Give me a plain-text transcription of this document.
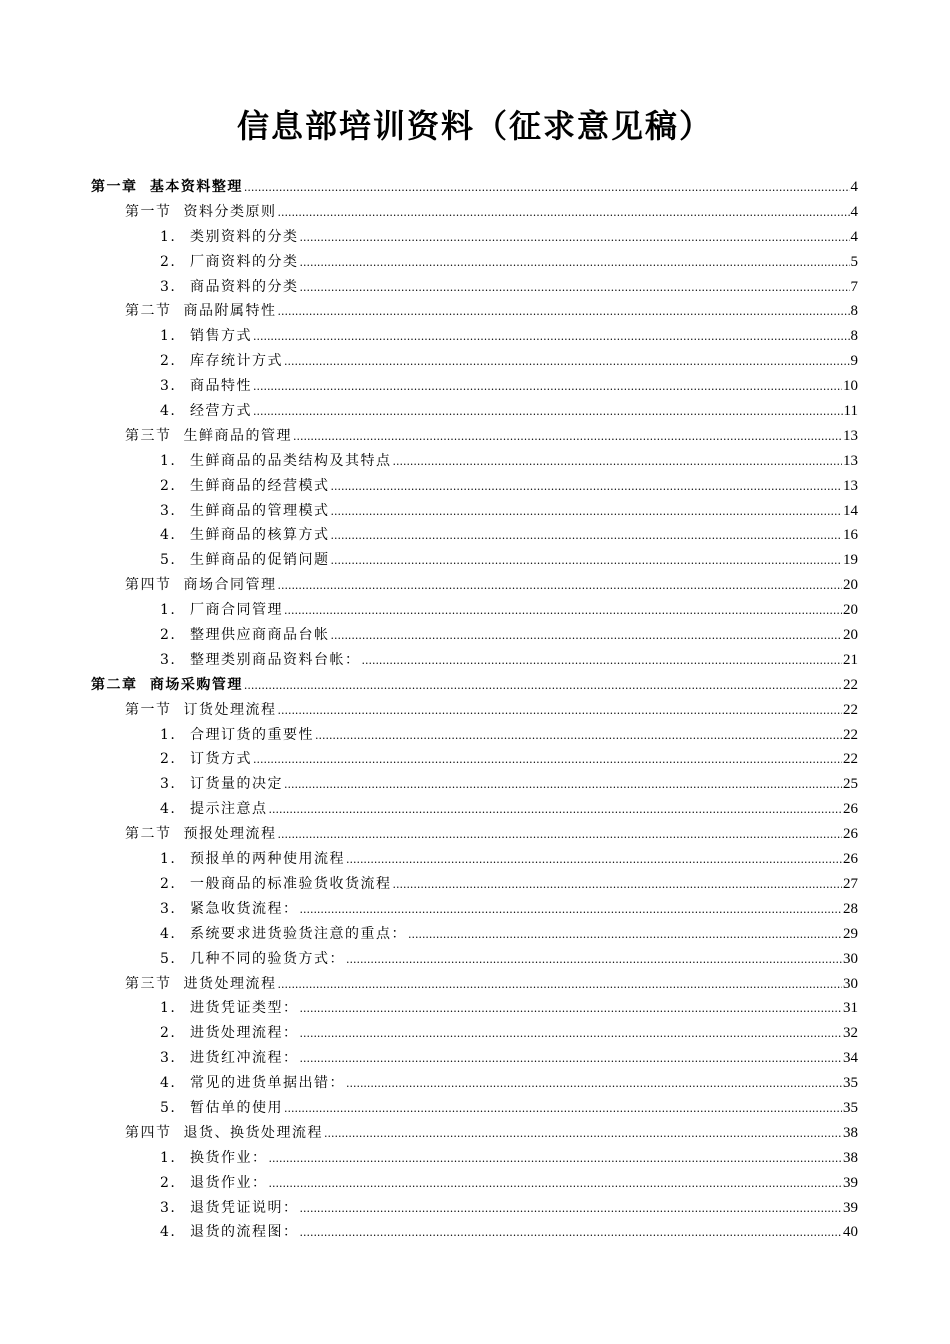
信息部培训资料（征求意见稿）
第一章 基本资料整理 .....	4
第一节 资料分类原则 .....	4
1. 类别资料的分类 .....	4
2. 厂商资料的分类 .....	5
3. 商品资料的分类 .....	7
第二节 商品附属特性 .....	8
1. 销售方式 .....	8
2. 库存统计方式 .....	9
3. 商品特性 .....	10
4. 经营方式 .....	11
第三节 生鲜商品的管理 .....	13
1. 生鲜商品的品类结构及其特点 .....	13
2. 生鲜商品的经营模式 .....	13
3. 生鲜商品的管理模式 .....	14
4. 生鲜商品的核算方式 .....	16
5. 生鲜商品的促销问题 .....	19
第四节 商场合同管理 .....	20
1. 厂商合同管理 .....	20
2. 整理供应商商品台帐 .....	20
3. 整理类别商品资料台帐： .....	21
第二章 商场采购管理 .....	22
第一节 订货处理流程 .....	22
1. 合理订货的重要性 .....	22
2. 订货方式 .....	22
3. 订货量的决定 .....	25
4. 提示注意点 .....	26
第二节 预报处理流程 .....	26
1. 预报单的两种使用流程 .....	26
2. 一般商品的标准验货收货流程 .....	27
3. 紧急收货流程： .....	28
4. 系统要求进货验货注意的重点： .....	29
5. 几种不同的验货方式： .....	30
第三节 进货处理流程 .....	30
1. 进货凭证类型： .....	31
2. 进货处理流程： .....	32
3. 进货红冲流程： .....	34
4. 常见的进货单据出错： .....	35
5. 暂估单的使用 .....	35
第四节 退货、换货处理流程 .....	38
1. 换货作业： .....	38
2. 退货作业： .....	39
3. 退货凭证说明： .....	39
4. 退货的流程图： .....	40
